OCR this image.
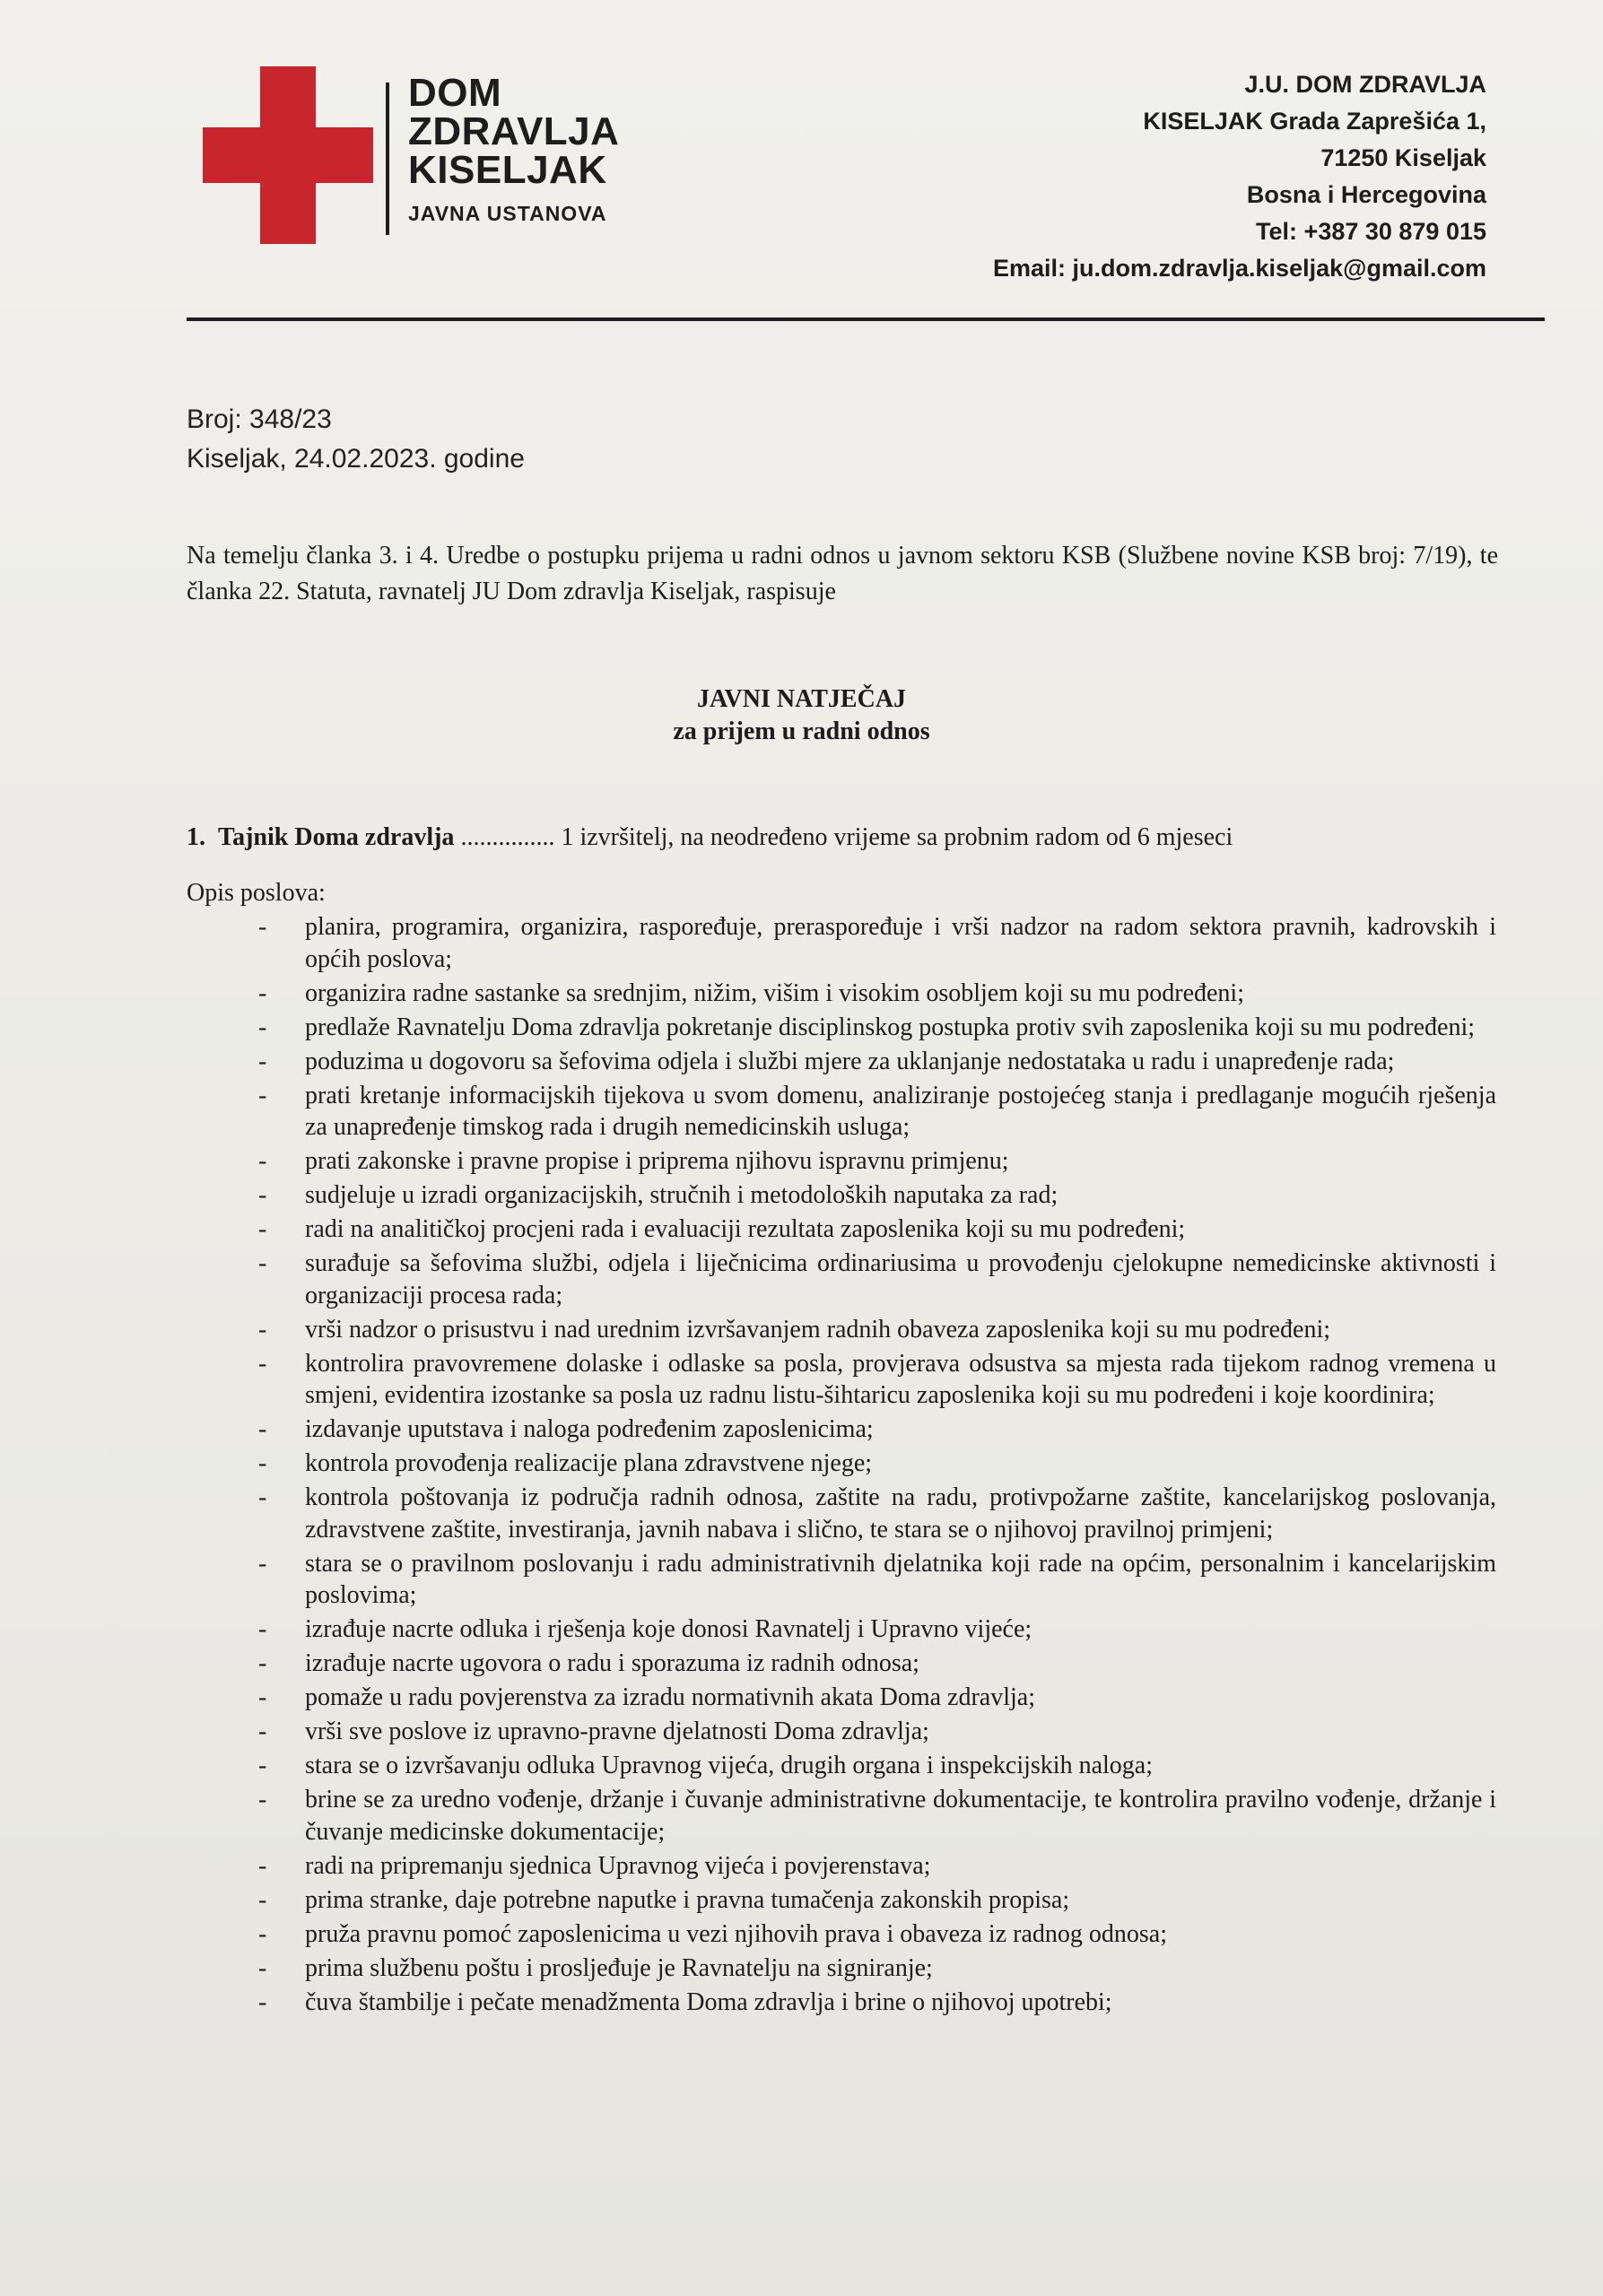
DOM
ZDRAVLJA
KISELJAK
JAVNA USTANOVA
J.U. DOM ZDRAVLJA
KISELJAK Grada Zaprešića 1,
71250 Kiseljak
Bosna i Hercegovina
Tel: +387 30 879 015
Email: ju.dom.zdravlja.kiseljak@gmail.com
Broj: 348/23
Kiseljak, 24.02.2023. godine
Na temelju članka 3. i 4. Uredbe o postupku prijema u radni odnos u javnom sektoru KSB (Službene novine KSB broj: 7/19), te članka 22. Statuta, ravnatelj JU Dom zdravlja Kiseljak, raspisuje
JAVNI NATJEČAJ
za prijem u radni odnos
1. Tajnik Doma zdravlja ............... 1 izvršitelj, na neodređeno vrijeme sa probnim radom od 6 mjeseci
Opis poslova:
- planira, programira, organizira, raspoređuje, preraspoređuje i vrši nadzor na radom sektora pravnih, kadrovskih i općih poslova;
- organizira radne sastanke sa srednjim, nižim, višim i visokim osobljem koji su mu podređeni;
- predlaže Ravnatelju Doma zdravlja pokretanje disciplinskog postupka protiv svih zaposlenika koji su mu podređeni;
- poduzima u dogovoru sa šefovima odjela i službi mjere za uklanjanje nedostataka u radu i unapređenje rada;
- prati kretanje informacijskih tijekova u svom domenu, analiziranje postojećeg stanja i predlaganje mogućih rješenja za unapređenje timskog rada i drugih nemedicinskih usluga;
- prati zakonske i pravne propise i priprema njihovu ispravnu primjenu;
- sudjeluje u izradi organizacijskih, stručnih i metodoloških naputaka za rad;
- radi na analitičkoj procjeni rada i evaluaciji rezultata zaposlenika koji su mu podređeni;
- surađuje sa šefovima službi, odjela i liječnicima ordinariusima u provođenju cjelokupne nemedicinske aktivnosti i organizaciji procesa rada;
- vrši nadzor o prisustvu i nad urednim izvršavanjem radnih obaveza zaposlenika koji su mu podređeni;
- kontrolira pravovremene dolaske i odlaske sa posla, provjerava odsustva sa mjesta rada tijekom radnog vremena u smjeni, evidentira izostanke sa posla uz radnu listu-šihtaricu zaposlenika koji su mu podređeni i koje koordinira;
- izdavanje uputstava i naloga podređenim zaposlenicima;
- kontrola provođenja realizacije plana zdravstvene njege;
- kontrola poštovanja iz područja radnih odnosa, zaštite na radu, protivpožarne zaštite, kancelarijskog poslovanja, zdravstvene zaštite, investiranja, javnih nabava i slično, te stara se o njihovoj pravilnoj primjeni;
- stara se o pravilnom poslovanju i radu administrativnih djelatnika koji rade na općim, personalnim i kancelarijskim poslovima;
- izrađuje nacrte odluka i rješenja koje donosi Ravnatelj i Upravno vijeće;
- izrađuje nacrte ugovora o radu i sporazuma iz radnih odnosa;
- pomaže u radu povjerenstva za izradu normativnih akata Doma zdravlja;
- vrši sve poslove iz upravno-pravne djelatnosti Doma zdravlja;
- stara se o izvršavanju odluka Upravnog vijeća, drugih organa i inspekcijskih naloga;
- brine se za uredno vođenje, držanje i čuvanje administrativne dokumentacije, te kontrolira pravilno vođenje, držanje i čuvanje medicinske dokumentacije;
- radi na pripremanju sjednica Upravnog vijeća i povjerenstava;
- prima stranke, daje potrebne naputke i pravna tumačenja zakonskih propisa;
- pruža pravnu pomoć zaposlenicima u vezi njihovih prava i obaveza iz radnog odnosa;
- prima službenu poštu i prosljeđuje je Ravnatelju na signiranje;
- čuva štambilje i pečate menadžmenta Doma zdravlja i brine o njihovoj upotrebi;
